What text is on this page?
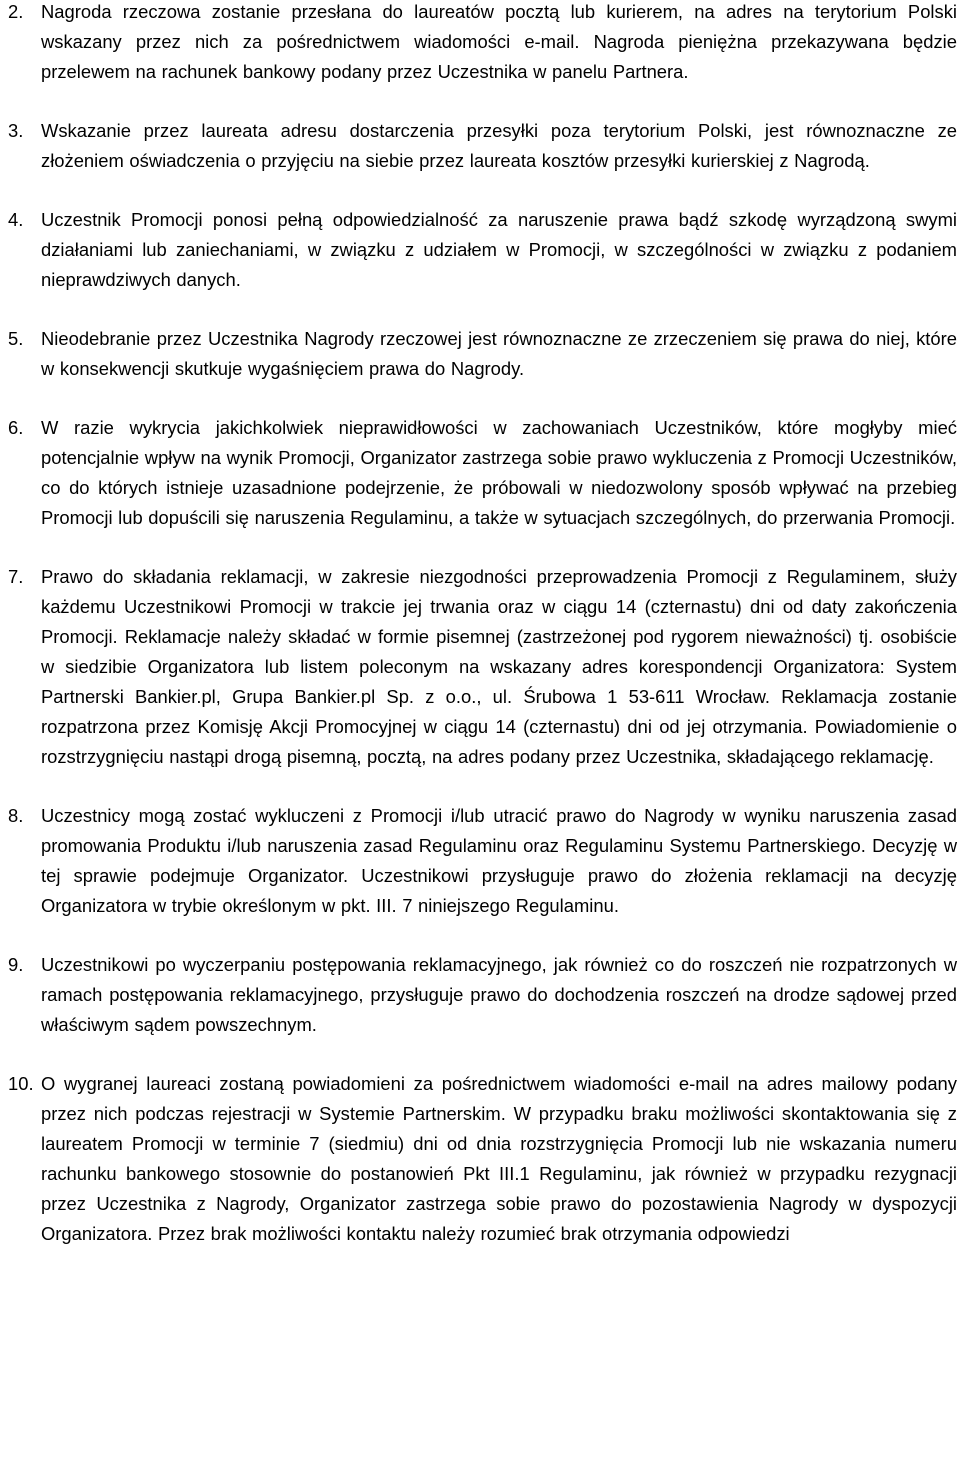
2. Nagroda rzeczowa zostanie przesłana do laureatów pocztą lub kurierem, na adres na terytorium Polski wskazany przez nich za pośrednictwem wiadomości e-mail. Nagroda pieniężna przekazywana będzie przelewem na rachunek bankowy podany przez Uczestnika w panelu Partnera.
3. Wskazanie przez laureata adresu dostarczenia przesyłki poza terytorium Polski, jest równoznaczne ze złożeniem oświadczenia o przyjęciu na siebie przez laureata kosztów przesyłki kurierskiej z Nagrodą.
4. Uczestnik Promocji ponosi pełną odpowiedzialność za naruszenie prawa bądź szkodę wyrządzoną swymi działaniami lub zaniechaniami, w związku z udziałem w Promocji, w szczególności w związku z podaniem nieprawdziwych danych.
5. Nieodebranie przez Uczestnika Nagrody rzeczowej jest równoznaczne ze zrzeczeniem się prawa do niej, które w konsekwencji skutkuje wygaśnięciem prawa do Nagrody.
6. W razie wykrycia jakichkolwiek nieprawidłowości w zachowaniach Uczestników, które mogłyby mieć potencjalnie wpływ na wynik Promocji, Organizator zastrzega sobie prawo wykluczenia z Promocji Uczestników, co do których istnieje uzasadnione podejrzenie, że próbowali w niedozwolony sposób wpływać na przebieg Promocji lub dopuścili się naruszenia Regulaminu, a także w sytuacjach szczególnych, do przerwania Promocji.
7. Prawo do składania reklamacji, w zakresie niezgodności przeprowadzenia Promocji z Regulaminem, służy każdemu Uczestnikowi Promocji w trakcie jej trwania oraz w ciągu 14 (czternastu) dni od daty zakończenia Promocji. Reklamacje należy składać w formie pisemnej (zastrzeżonej pod rygorem nieważności) tj. osobiście w siedzibie Organizatora lub listem poleconym na wskazany adres korespondencji Organizatora: System Partnerski Bankier.pl, Grupa Bankier.pl Sp. z o.o., ul. Śrubowa 1 53-611 Wrocław. Reklamacja zostanie rozpatrzona przez Komisję Akcji Promocyjnej w ciągu 14 (czternastu) dni od jej otrzymania. Powiadomienie o rozstrzygnięciu nastąpi drogą pisemną, pocztą, na adres podany przez Uczestnika, składającego reklamację.
8. Uczestnicy mogą zostać wykluczeni z Promocji i/lub utracić prawo do Nagrody w wyniku naruszenia zasad promowania Produktu i/lub naruszenia zasad Regulaminu oraz Regulaminu Systemu Partnerskiego. Decyzję w tej sprawie podejmuje Organizator. Uczestnikowi przysługuje prawo do złożenia reklamacji na decyzję Organizatora w trybie określonym w pkt. III. 7 niniejszego Regulaminu.
9. Uczestnikowi po wyczerpaniu postępowania reklamacyjnego, jak również co do roszczeń nie rozpatrzonych w ramach postępowania reklamacyjnego, przysługuje prawo do dochodzenia roszczeń na drodze sądowej przed właściwym sądem powszechnym.
10. O wygranej laureaci zostaną powiadomieni za pośrednictwem wiadomości e-mail na adres mailowy podany przez nich podczas rejestracji w Systemie Partnerskim. W przypadku braku możliwości skontaktowania się z laureatem Promocji w terminie 7 (siedmiu) dni od dnia rozstrzygnięcia Promocji lub nie wskazania numeru rachunku bankowego stosownie do postanowień Pkt III.1 Regulaminu, jak również w przypadku rezygnacji przez Uczestnika z Nagrody, Organizator zastrzega sobie prawo do pozostawienia Nagrody w dyspozycji Organizatora. Przez brak możliwości kontaktu należy rozumieć brak otrzymania odpowiedzi
